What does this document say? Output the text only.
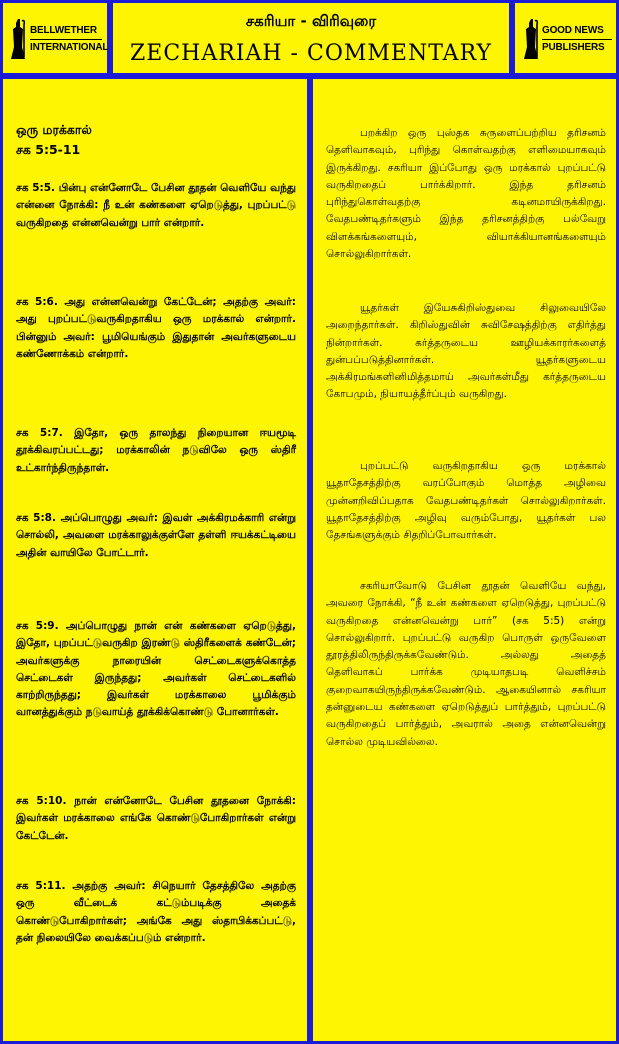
BELLWETHER
INTERNATIONAL
சகரியா - விரிவுரை
ZECHARIAH - COMMENTARY
GOOD NEWS
PUBLISHERS
ஒரு மரக்கால்
சக 5:5-11
சக 5:5. பின்பு என்னோடே பேசின தூதன் வெளியே வந்து என்னை நோக்கி: நீ உன் கண்களை ஏறெடுத்து, புறப்பட்டு வருகிறதை என்னவென்று பார் என்றார்.
சக 5:6. அது என்னவென்று கேட்டேன்; அதற்கு அவர்: அது புறப்பட்டுவருகிறதாகிய ஒரு மரக்கால் என்றார். பின்னும் அவர்: பூமியெங்கும் இதுதான் அவர்களுடைய கண்ணோக்கம் என்றார்.
சக 5:7. இதோ, ஒரு தாலந்து நிறையான ஈயமூடி தூக்கிவரப்பட்டது; மரக்காலின் நடுவிலே ஒரு ஸ்திரீ உட்கார்ந்திருந்தாள்.
சக 5:8. அப்பொழுது அவர்: இவள் அக்கிரமக்காரி என்று சொல்லி, அவளை மரக்காலுக்குள்ளே தள்ளி ஈயக்கட்டியை அதின் வாயிலே போட்டார்.
சக 5:9. அப்பொழுது நான் என் கண்களை ஏறெடுத்து, இதோ, புறப்பட்டுவருகிற இரண்டு ஸ்திரீகளைக் கண்டேன்; அவர்களுக்கு நாரையின் செட்டைகளுக்கொத்த செட்டைகள் இருந்தது; அவர்கள் செட்டைகளில் காற்றிருந்தது; இவர்கள் மரக்காலை பூமிக்கும் வானத்துக்கும் நடுவாய்த் தூக்கிக்கொண்டு போனார்கள்.
சக 5:10. நான் என்னோடே பேசின தூதனை நோக்கி: இவர்கள் மரக்காலை எங்கே கொண்டுபோகிறார்கள் என்று கேட்டேன்.
சக 5:11. அதற்கு அவர்: சிநெயார் தேசத்திலே அதற்கு ஒரு வீட்டைக் கட்டும்படிக்கு அதைக் கொண்டுபோகிறார்கள்; அங்கே அது ஸ்தாபிக்கப்பட்டு, தன் நிலையிலே வைக்கப்படும் என்றார்.
பறக்கிற ஒரு புஸ்தக சுருளைப்பற்றிய தரிசனம் தெளிவாகவும், புரிந்து கொள்வதற்கு எளிமையாகவும் இருக்கிறது. சகரியா இப்போது ஒரு மரக்கால் புறப்பட்டு வருகிறதைப் பார்க்கிறார். இந்த தரிசனம் புரிந்துகொள்வதற்கு கடினமாயிருக்கிறது. வேதபண்டிதர்களும் இந்த தரிசனத்திற்கு பல்வேறு விளக்கங்களையும், வியாக்கியானங்களையும் சொல்லுகிறார்கள்.
யூதர்கள் இயேசுகிறிஸ்துவை சிலுவையிலே அறைந்தார்கள். கிறிஸ்துவின் சுவிசேஷத்திற்கு எதிர்த்து நின்றார்கள். கர்த்தருடைய ஊழியக்காரர்களைத் துன்பப்படுத்தினார்கள். யூதர்களுடைய அக்கிரமங்களினிமித்தமாய் அவர்கள்மீது கர்த்தருடைய கோபமும், நியாயத்தீர்ப்பும் வருகிறது.
புறப்பட்டு வருகிறதாகிய ஒரு மரக்கால் யூதாதேசத்திற்கு வரப்போகும் மொத்த அழிவை முன்னறிவிப்பதாக வேதபண்டிதர்கள் சொல்லுகிறார்கள். யூதாதேசத்திற்கு அழிவு வரும்போது, யூதர்கள் பல தேசங்களுக்கும் சிதறிப்போவார்கள்.
சகரியாவோடு பேசின தூதன் வெளியே வந்து, அவரை நோக்கி, “நீ உன் கண்களை ஏறெடுத்து, புறப்பட்டு வருகிறதை என்னவென்று பார்” (சக 5:5) என்று சொல்லுகிறார். புறப்பட்டு வருகிற பொருள் ஒருவேளை தூரத்திலிருந்திருக்கவேண்டும். அல்லது அதைத் தெளிவாகப் பார்க்க முடியாதபடி வெளிச்சம் குறைவாகயிருந்திருக்கவேண்டும். ஆகையினால் சகரியா தன்னுடைய கண்களை ஏறெடுத்துப் பார்த்தும், புறப்பட்டு வருகிறதைப் பார்த்தும், அவரால் அதை என்னவென்று சொல்ல முடியவில்லை.
